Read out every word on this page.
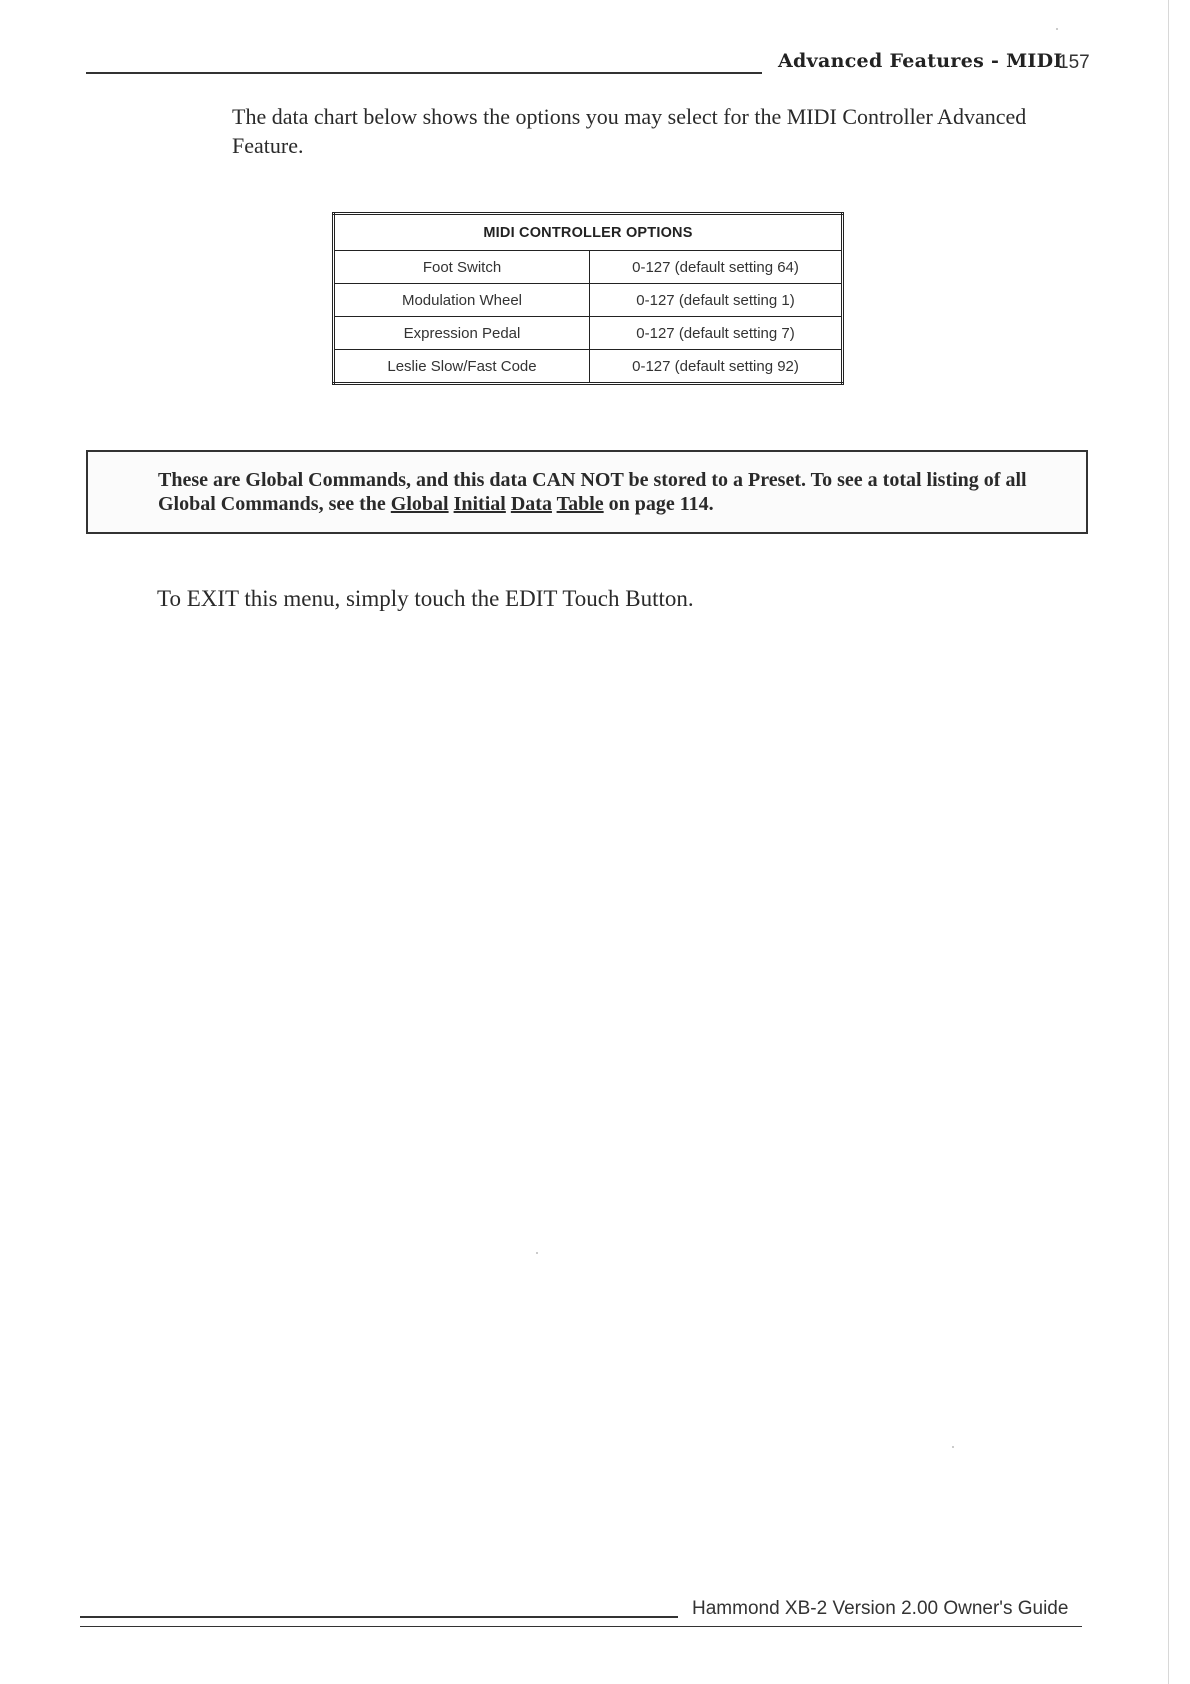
Advanced Features - MIDI
157
The data chart below shows the options you may select for the MIDI Controller Advanced Feature.
MIDI CONTROLLER OPTIONS	
Foot Switch	0-127 (default setting 64)
Modulation Wheel	0-127 (default setting 1)
Expression Pedal	0-127 (default setting 7)
Leslie Slow/Fast Code	0-127 (default setting 92)
These are Global Commands, and this data CAN NOT be stored to a Preset. To see a total listing of all Global Commands, see the Global Initial Data Table on page 114.
To EXIT this menu, simply touch the EDIT Touch Button.
Hammond XB-2 Version 2.00 Owner's Guide
